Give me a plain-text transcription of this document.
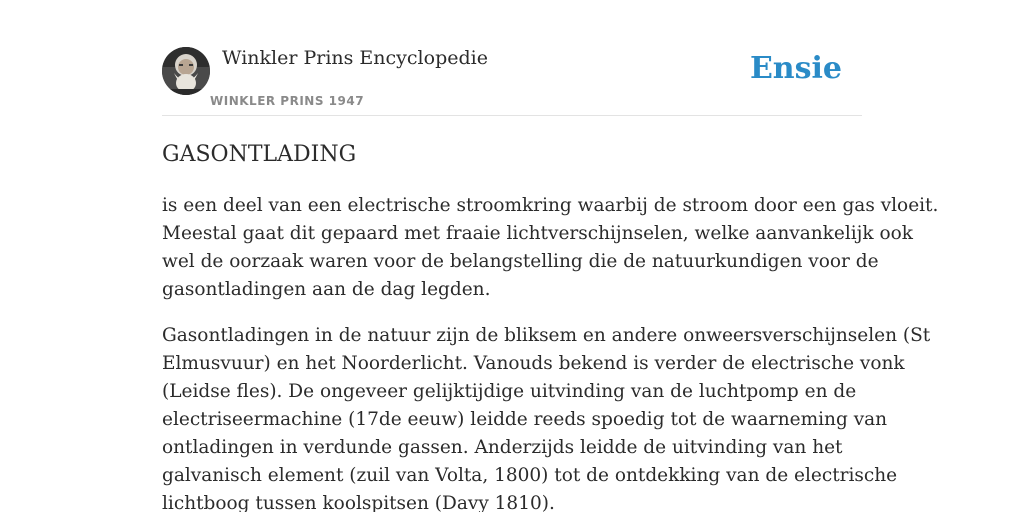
Winkler Prins Encyclopedie
WINKLER PRINS 1947
Ensie
GASONTLADING

is een deel van een electrische stroomkring waarbij de stroom door een gas vloeit.
Meestal gaat dit gepaard met fraaie lichtverschijnselen, welke aanvankelijk ook
wel de oorzaak waren voor de belangstelling die de natuurkundigen voor de
gasontladingen aan de dag legden.

Gasontladingen in de natuur zijn de bliksem en andere onweersverschijnselen (St
Elmusvuur) en het Noorderlicht. Vanouds bekend is verder de electrische vonk
(Leidse fles). De ongeveer gelijktijdige uitvinding van de luchtpomp en de
electriseermachine (17de eeuw) leidde reeds spoedig tot de waarneming van
ontladingen in verdunde gassen. Anderzijds leidde de uitvinding van het
galvanisch element (zuil van Volta, 1800) tot de ontdekking van de electrische
lichtboog tussen koolspitsen (Davy 1810).
